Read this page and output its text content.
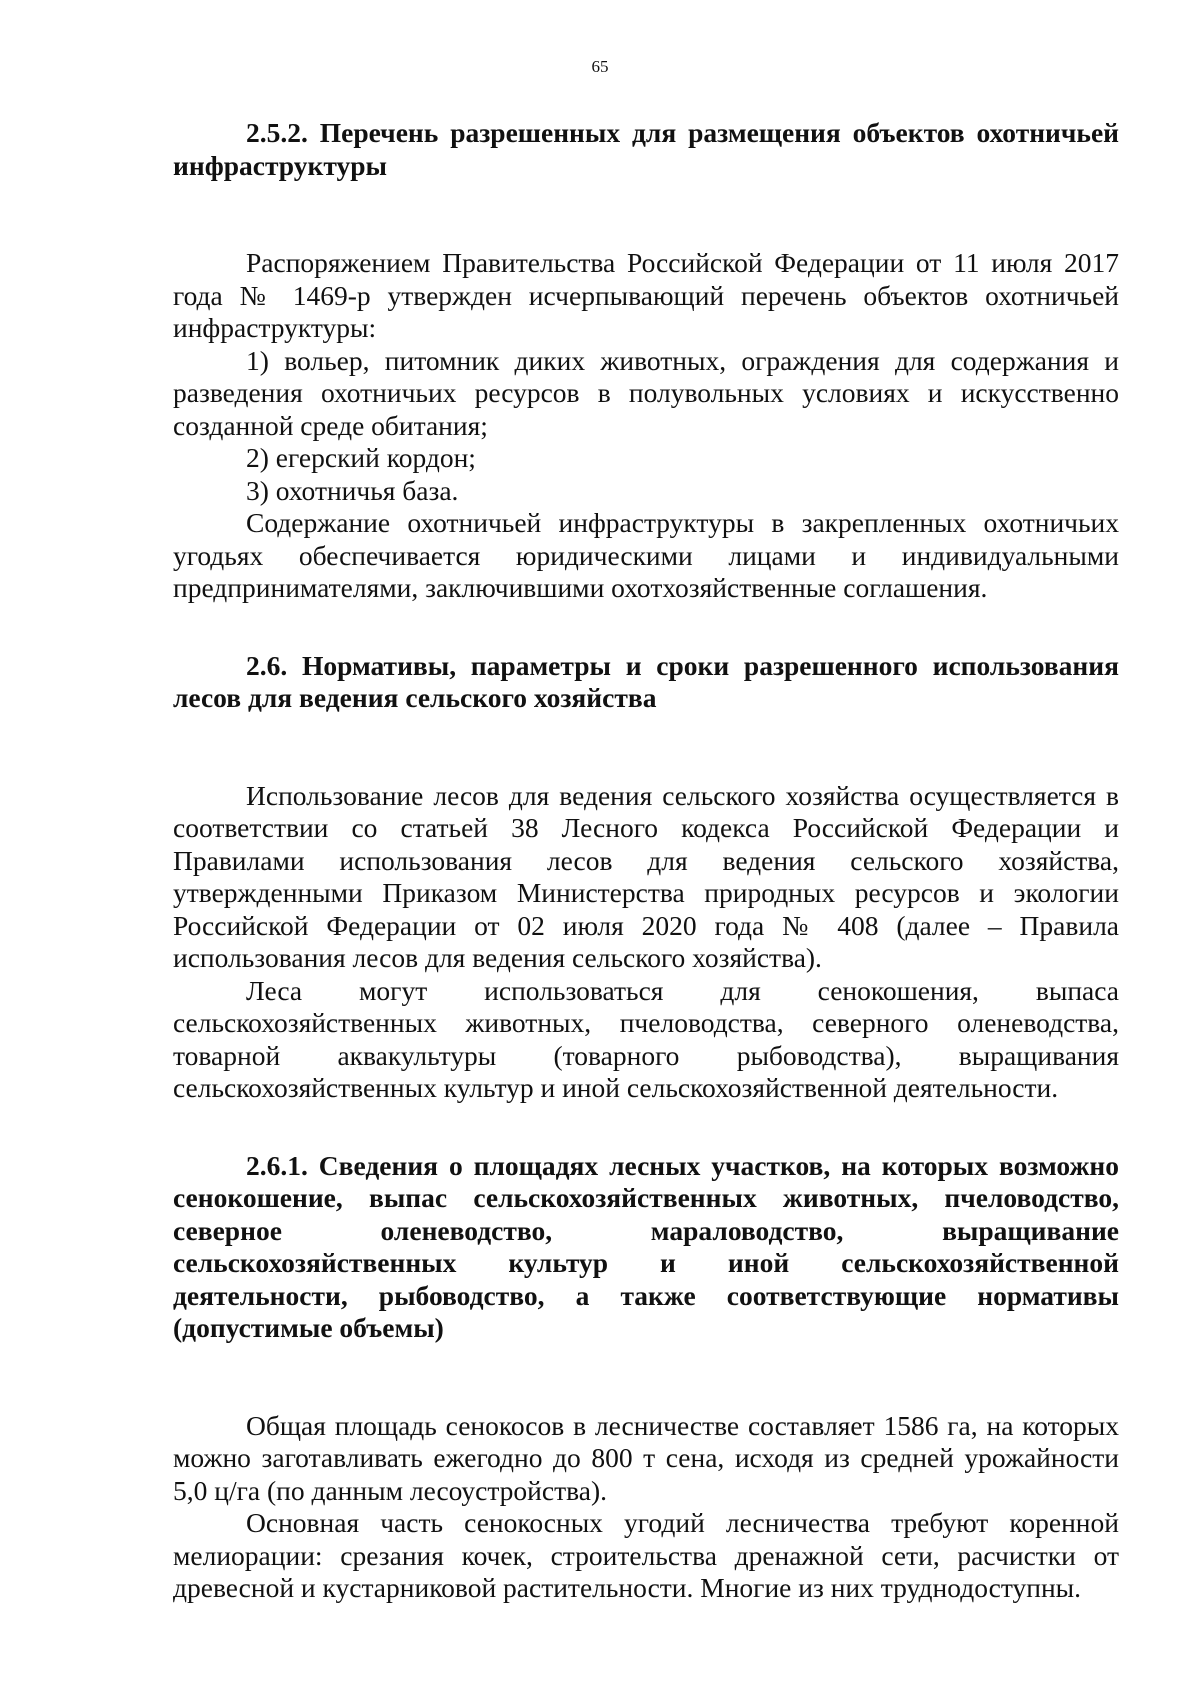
65

2.5.2. Перечень разрешенных для размещения объектов охотничьей инфраструктуры

Распоряжением Правительства Российской Федерации от 11 июля 2017 года № 1469-р утвержден исчерпывающий перечень объектов охотничьей инфраструктуры:

1) вольер, питомник диких животных, ограждения для содержания и разведения охотничьих ресурсов в полувольных условиях и искусственно созданной среде обитания;

2) егерский кордон;

3) охотничья база.

Содержание охотничьей инфраструктуры в закрепленных охотничьих угодьях обеспечивается юридическими лицами и индивидуальными предпринимателями, заключившими охотхозяйственные соглашения.

2.6. Нормативы, параметры и сроки разрешенного использования лесов для ведения сельского хозяйства

Использование лесов для ведения сельского хозяйства осуществляется в соответствии со статьей 38 Лесного кодекса Российской Федерации и Правилами использования лесов для ведения сельского хозяйства, утвержденными Приказом Министерства природных ресурсов и экологии Российской Федерации от 02 июля 2020 года № 408 (далее – Правила использования лесов для ведения сельского хозяйства).

Леса могут использоваться для сенокошения, выпаса сельскохозяйственных животных, пчеловодства, северного оленеводства, товарной аквакультуры (товарного рыбоводства), выращивания сельскохозяйственных культур и иной сельскохозяйственной деятельности.

2.6.1. Сведения о площадях лесных участков, на которых возможно сенокошение, выпас сельскохозяйственных животных, пчеловодство, северное оленеводство, мараловодство, выращивание сельскохозяйственных культур и иной сельскохозяйственной деятельности, рыбоводство, а также соответствующие нормативы (допустимые объемы)

Общая площадь сенокосов в лесничестве составляет 1586 га, на которых можно заготавливать ежегодно до 800 т сена, исходя из средней урожайности 5,0 ц/га (по данным лесоустройства).

Основная часть сенокосных угодий лесничества требуют коренной мелиорации: срезания кочек, строительства дренажной сети, расчистки от древесной и кустарниковой растительности. Многие из них труднодоступны.
